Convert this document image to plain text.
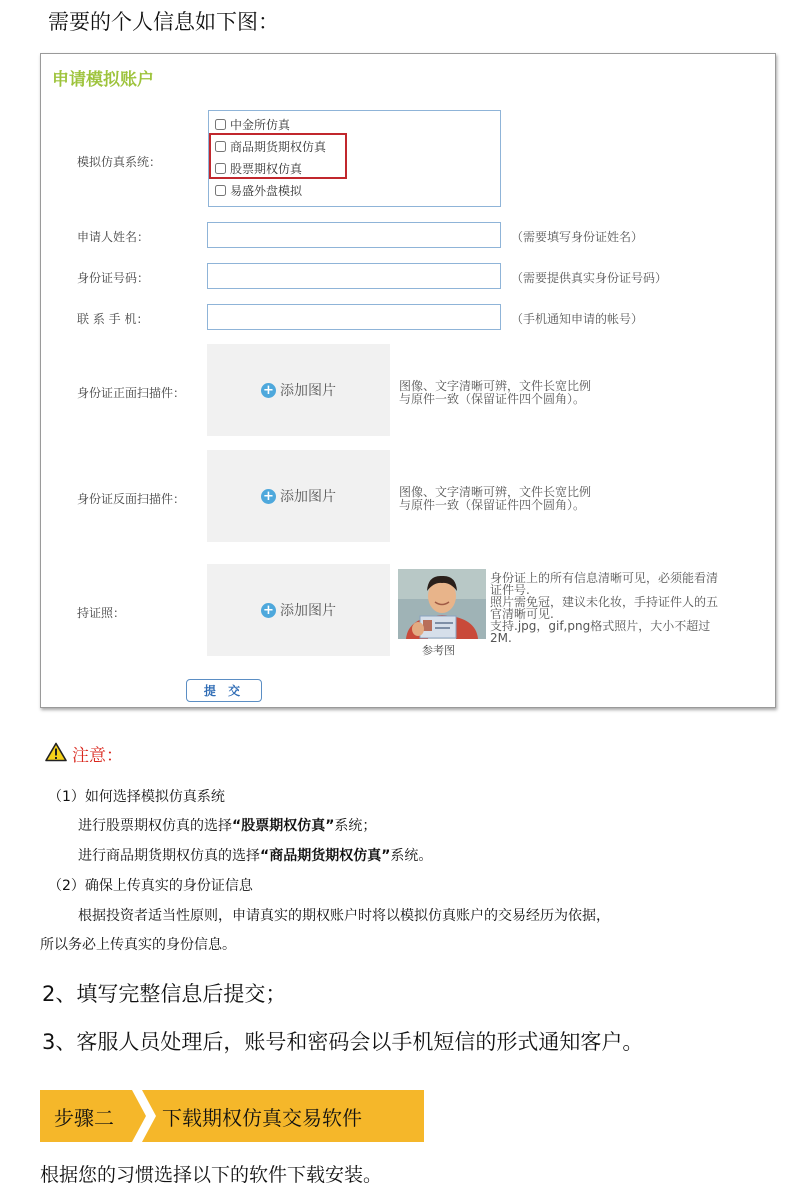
需要的个人信息如下图：
申请模拟账户
模拟仿真系统：
中金所仿真
商品期货期权仿真
股票期权仿真
易盛外盘模拟
申请人姓名：	（需要填写身份证姓名）
身份证号码：	（需要提供真实身份证号码）
联 系 手 机：	（手机通知申请的帐号）
身份证正面扫描件：	+ 添加图片	图像、文字清晰可辨，文件长宽比例
与原件一致（保留证件四个圆角）。
身份证反面扫描件：	+ 添加图片	图像、文字清晰可辨，文件长宽比例
与原件一致（保留证件四个圆角）。
持证照：	+ 添加图片
参考图
身份证上的所有信息清晰可见，必须能看清
证件号.
照片需免冠，建议未化妆，手持证件人的五
官清晰可见.
支持.jpg，gif,png格式照片，大小不超过
2M.
提 交
注意：
（1）如何选择模拟仿真系统
进行股票期权仿真的选择“股票期权仿真”系统；
进行商品期货期权仿真的选择“商品期货期权仿真”系统。
（2）确保上传真实的身份证信息
根据投资者适当性原则，申请真实的期权账户时将以模拟仿真账户的交易经历为依据，
所以务必上传真实的身份信息。
2、填写完整信息后提交；
3、客服人员处理后，账号和密码会以手机短信的形式通知客户。
步骤二 下载期权仿真交易软件
根据您的习惯选择以下的软件下载安装。
